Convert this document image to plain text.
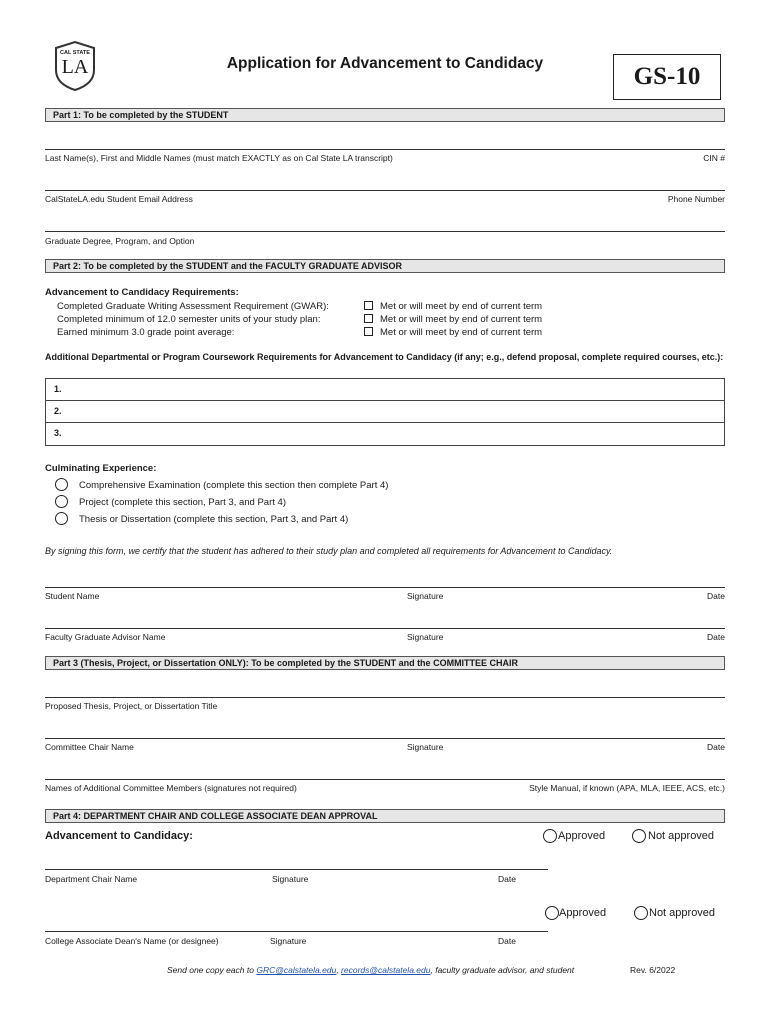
CAL STATE
LA	Application for Advancement to Candidacy	GS-10
Part 1: To be completed by the STUDENT
Last Name(s), First and Middle Names (must match EXACTLY as on Cal State LA transcript)	CIN #
CalStateLA.edu Student Email Address	Phone Number
Graduate Degree, Program, and Option
Part 2: To be completed by the STUDENT and the FACULTY GRADUATE ADVISOR
Advancement to Candidacy Requirements:
Completed Graduate Writing Assessment Requirement (GWAR):	Met or will meet by end of current term
Completed minimum of 12.0 semester units of your study plan:	Met or will meet by end of current term
Earned minimum 3.0 grade point average:	Met or will meet by end of current term
Additional Departmental or Program Coursework Requirements for Advancement to Candidacy (if any; e.g., defend proposal, complete required courses, etc.):
1.
2.
3.
Culminating Experience:
Comprehensive Examination (complete this section then complete Part 4)
Project (complete this section, Part 3, and Part 4)
Thesis or Dissertation (complete this section, Part 3, and Part 4)
By signing this form, we certify that the student has adhered to their study plan and completed all requirements for Advancement to Candidacy.
Student Name	Signature	Date
Faculty Graduate Advisor Name	Signature	Date
Part 3 (Thesis, Project, or Dissertation ONLY): To be completed by the STUDENT and the COMMITTEE CHAIR
Proposed Thesis, Project, or Dissertation Title
Committee Chair Name	Signature	Date
Names of Additional Committee Members (signatures not required)	Style Manual, if known (APA, MLA, IEEE, ACS, etc.)
Part 4: DEPARTMENT CHAIR AND COLLEGE ASSOCIATE DEAN APPROVAL
Advancement to Candidacy:	Approved	Not approved
Department Chair Name	Signature	Date
Approved	Not approved
College Associate Dean's Name (or designee)	Signature	Date
Send one copy each to GRC@calstatela.edu, records@calstatela.edu, faculty graduate advisor, and student	Rev. 6/2022
